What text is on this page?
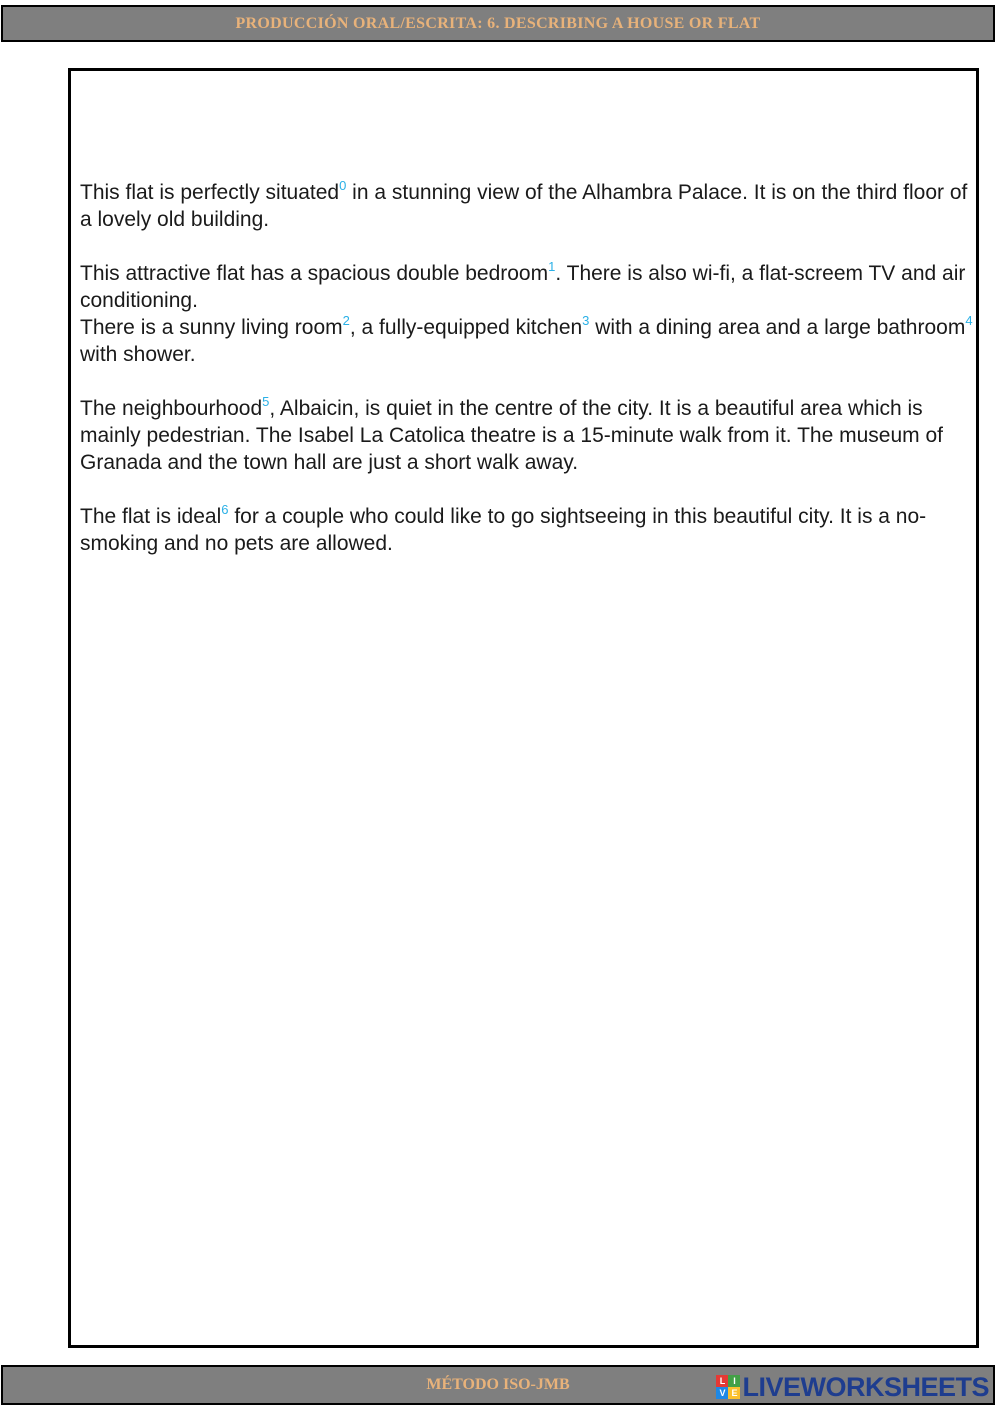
PRODUCCIÓN ORAL/ESCRITA: 6. DESCRIBING A HOUSE OR FLAT

This flat is perfectly situated$^0$ in a stunning view of the Alhambra Palace. It is on the third floor of a lovely old building.

This attractive flat has a spacious double bedroom$^1$. There is also wi-fi, a flat-screem TV and air conditioning.

There is a sunny living room$^2$, a fully-equipped kitchen$^3$ with a dining area and a large bathroom$^4$ with shower.

The neighbourhood$^5$, Albaicin, is quiet in the centre of the city. It is a beautiful area which is mainly pedestrian. The Isabel La Catolica theatre is a 15-minute walk from it. The museum of Granada and the town hall are just a short walk away.

The flat is ideal$^6$ for a couple who could like to go sightseeing in this beautiful city. It is a no-smoking and no pets are allowed.

MÉTODO ISO-JMB	L I
V E LIVEWORKSHEETS
